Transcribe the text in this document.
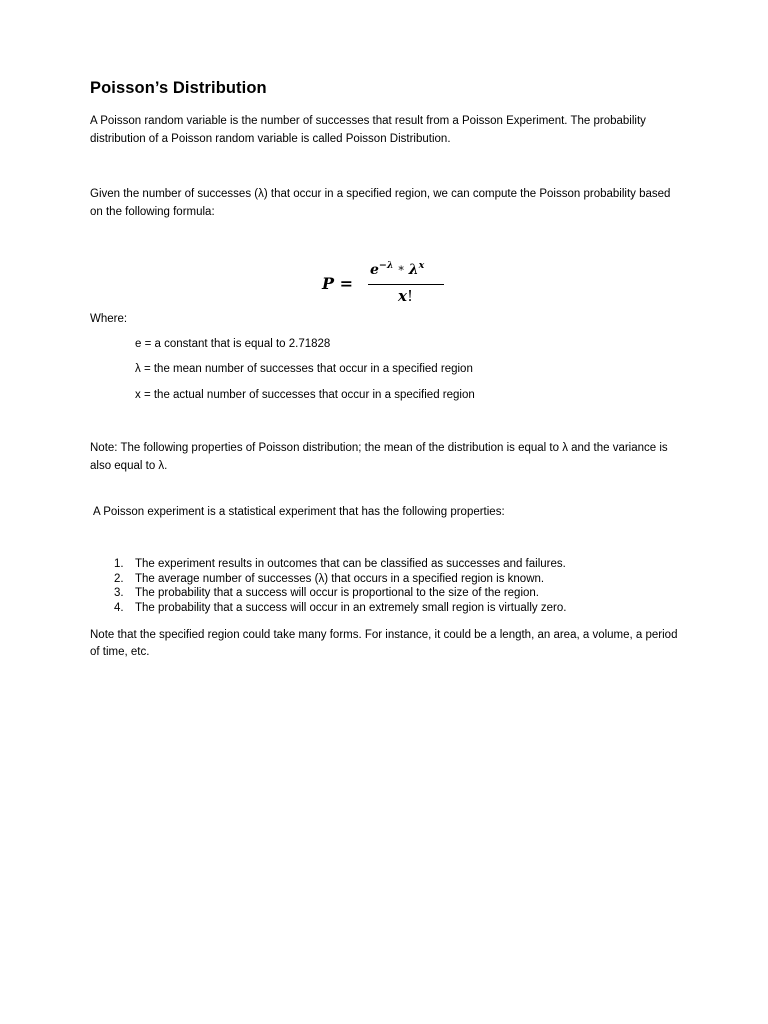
Poisson’s Distribution
A Poisson random variable is the number of successes that result from a Poisson Experiment. The probability distribution of a Poisson random variable is called Poisson Distribution.
Given the number of successes (λ) that occur in a specified region, we can compute the Poisson probability based on the following formula:
P =
$e^{-\lambda} * \lambda^x$
x!
Where:
e = a constant that is equal to 2.71828
λ = the mean number of successes that occur in a specified region
x = the actual number of successes that occur in a specified region
Note: The following properties of Poisson distribution; the mean of the distribution is equal to λ and the variance is also equal to λ.
A Poisson experiment is a statistical experiment that has the following properties:
1. The experiment results in outcomes that can be classified as successes and failures.
2. The average number of successes (λ) that occurs in a specified region is known.
3. The probability that a success will occur is proportional to the size of the region.
4. The probability that a success will occur in an extremely small region is virtually zero.
Note that the specified region could take many forms. For instance, it could be a length, an area, a volume, a period of time, etc.
